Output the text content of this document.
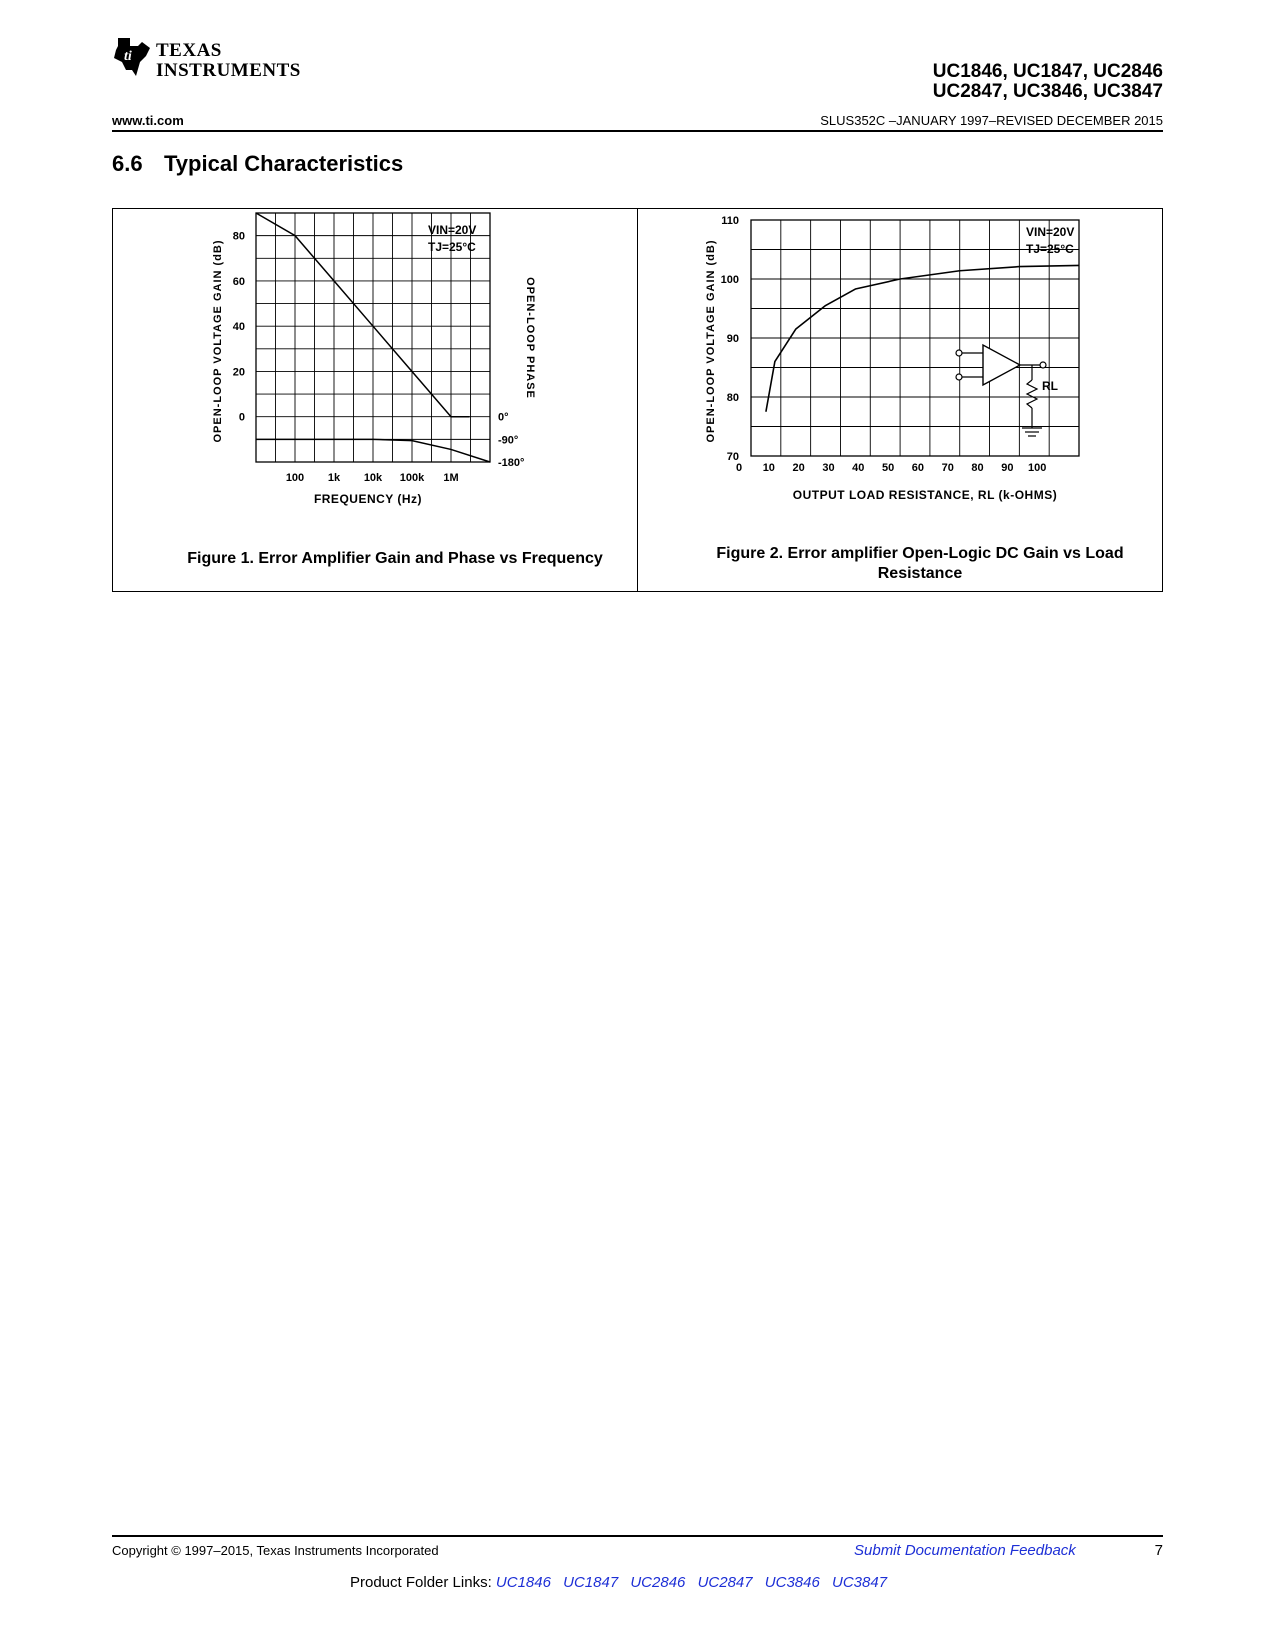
ti TEXAS
INSTRUMENTS	UC1846, UC1847, UC2846
UC2847, UC3846, UC3847
www.ti.com	SLUS352C –JANUARY 1997–REVISED DECEMBER 2015
6.6 Typical Characteristics
OPEN-LOOP VOLTAGE GAIN (dB)	OPEN-LOOP PHASE
FREQUENCY (Hz)
VIN=20V
TJ=25°C
80
60
40
20
0
100 1k 10k 100k 1M
0°
-90°
-180°
Figure 1. Error Amplifier Gain and Phase vs Frequency
OPEN-LOOP VOLTAGE GAIN (dB)
OUTPUT LOAD RESISTANCE, RL (k-OHMS)
VIN=20V
TJ=25°C
RL
110
100
90
80
70
0 10 20 30 40 50 60 70 80 90 100
Figure 2. Error amplifier Open-Logic DC Gain vs Load Resistance
Copyright © 1997–2015, Texas Instruments Incorporated	Submit Documentation Feedback	7
Product Folder Links: UC1846 UC1847 UC2846 UC2847 UC3846 UC3847
